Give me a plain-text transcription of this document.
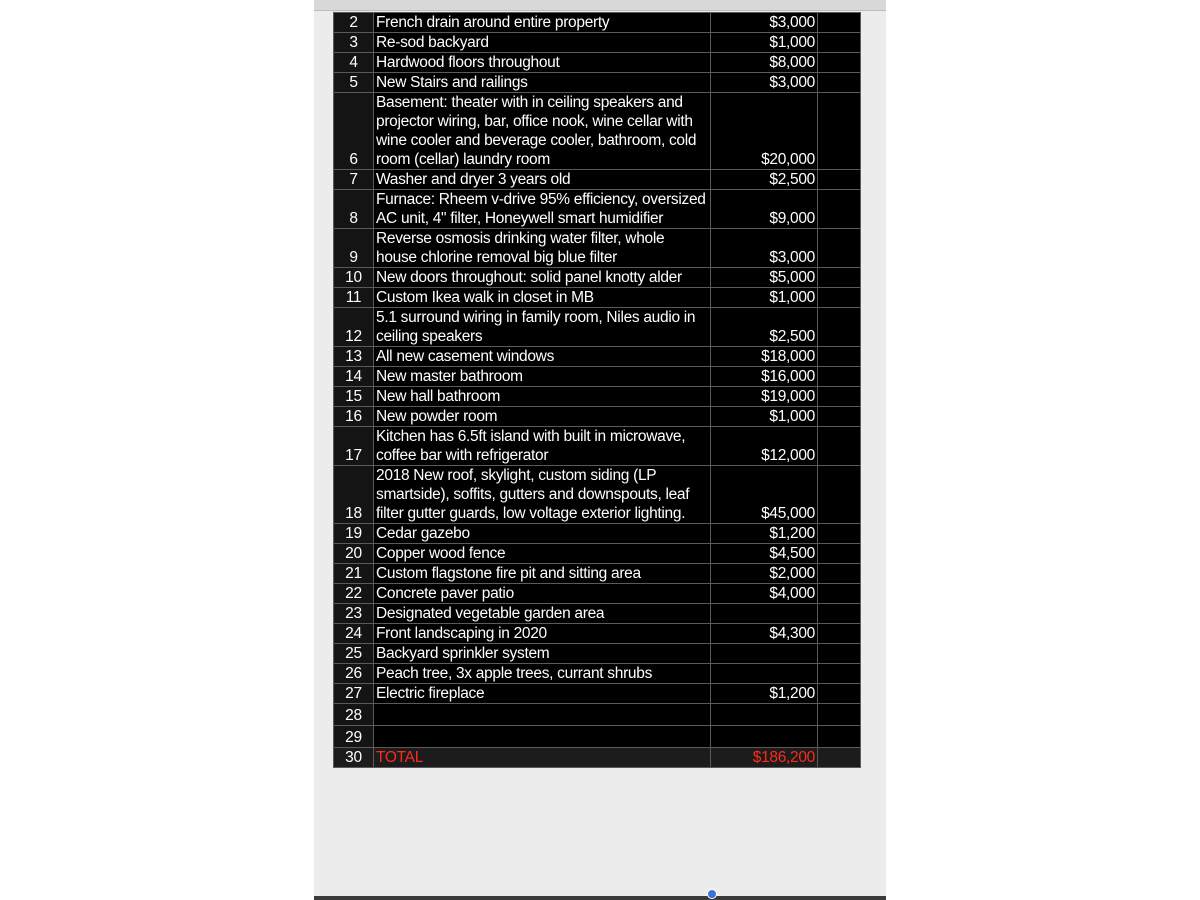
2	French drain around entire property	$3,000	
3	Re-sod backyard	$1,000	
4	Hardwood floors throughout	$8,000	
5	New Stairs and railings	$3,000	
6	Basement: theater with in ceiling speakers and projector wiring, bar, office nook, wine cellar with wine cooler and beverage cooler, bathroom, cold room (cellar) laundry room	$20,000	
7	Washer and dryer 3 years old	$2,500	
8	Furnace: Rheem v-drive 95% efficiency, oversized AC unit, 4" filter, Honeywell smart humidifier	$9,000	
9	Reverse osmosis drinking water filter, whole house chlorine removal big blue filter	$3,000	
10	New doors throughout: solid panel knotty alder	$5,000	
11	Custom Ikea walk in closet in MB	$1,000	
12	5.1 surround wiring in family room, Niles audio in ceiling speakers	$2,500	
13	All new casement windows	$18,000	
14	New master bathroom	$16,000	
15	New hall bathroom	$19,000	
16	New powder room	$1,000	
17	Kitchen has 6.5ft island with built in microwave, coffee bar with refrigerator	$12,000	
18	2018 New roof, skylight, custom siding (LP smartside), soffits, gutters and downspouts, leaf filter gutter guards, low voltage exterior lighting.	$45,000	
19	Cedar gazebo	$1,200	
20	Copper wood fence	$4,500	
21	Custom flagstone fire pit and sitting area	$2,000	
22	Concrete paver patio	$4,000	
23	Designated vegetable garden area		
24	Front landscaping in 2020	$4,300	
25	Backyard sprinkler system		
26	Peach tree, 3x apple trees, currant shrubs		
27	Electric fireplace	$1,200	
28			
29			
30	TOTAL	$186,200	
